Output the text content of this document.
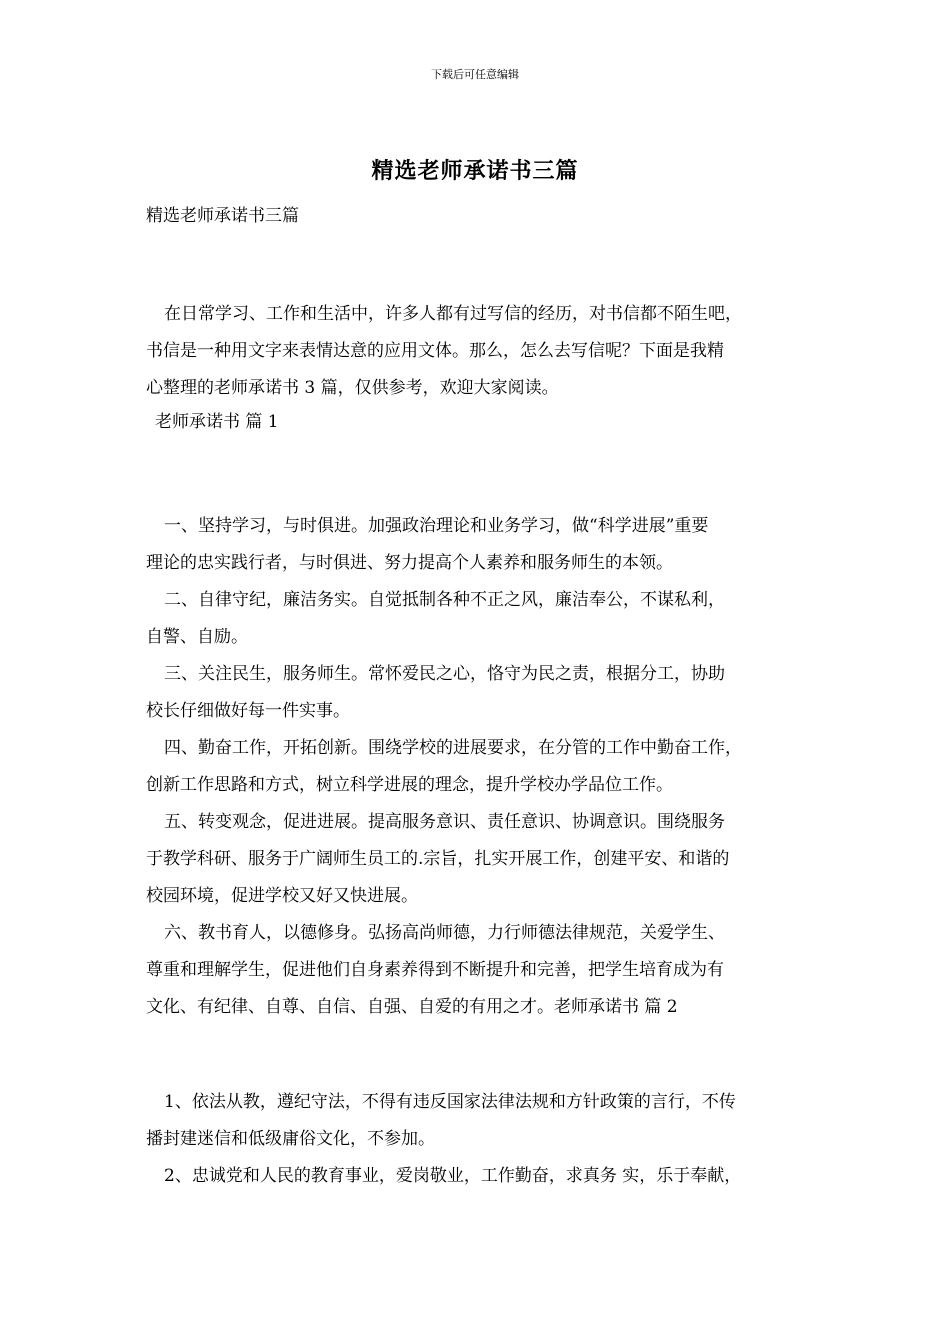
下载后可任意编辑
精选老师承诺书三篇
精选老师承诺书三篇
在日常学习、工作和生活中，许多人都有过写信的经历，对书信都不陌生吧，
书信是一种用文字来表情达意的应用文体。那么，怎么去写信呢？下面是我精
心整理的老师承诺书 3 篇，仅供参考，欢迎大家阅读。
老师承诺书 篇 1
一、坚持学习，与时俱进。加强政治理论和业务学习，做“科学进展”重要
理论的忠实践行者，与时俱进、努力提高个人素养和服务师生的本领。
二、自律守纪，廉洁务实。自觉抵制各种不正之风，廉洁奉公，不谋私利，
自警、自励。
三、关注民生，服务师生。常怀爱民之心，恪守为民之责，根据分工，协助
校长仔细做好每一件实事。
四、勤奋工作，开拓创新。围绕学校的进展要求，在分管的工作中勤奋工作，
创新工作思路和方式，树立科学进展的理念，提升学校办学品位工作。
五、转变观念，促进进展。提高服务意识、责任意识、协调意识。围绕服务
于教学科研、服务于广阔师生员工的.宗旨，扎实开展工作，创建平安、和谐的
校园环境，促进学校又好又快进展。
六、教书育人，以德修身。弘扬高尚师德，力行师德法律规范，关爱学生、
尊重和理解学生，促进他们自身素养得到不断提升和完善，把学生培育成为有
文化、有纪律、自尊、自信、自强、自爱的有用之才。老师承诺书 篇 2
1、依法从教，遵纪守法，不得有违反国家法律法规和方针政策的言行，不传
播封建迷信和低级庸俗文化，不参加。
2、忠诚党和人民的教育事业，爱岗敬业，工作勤奋，求真务 实，乐于奉献，
